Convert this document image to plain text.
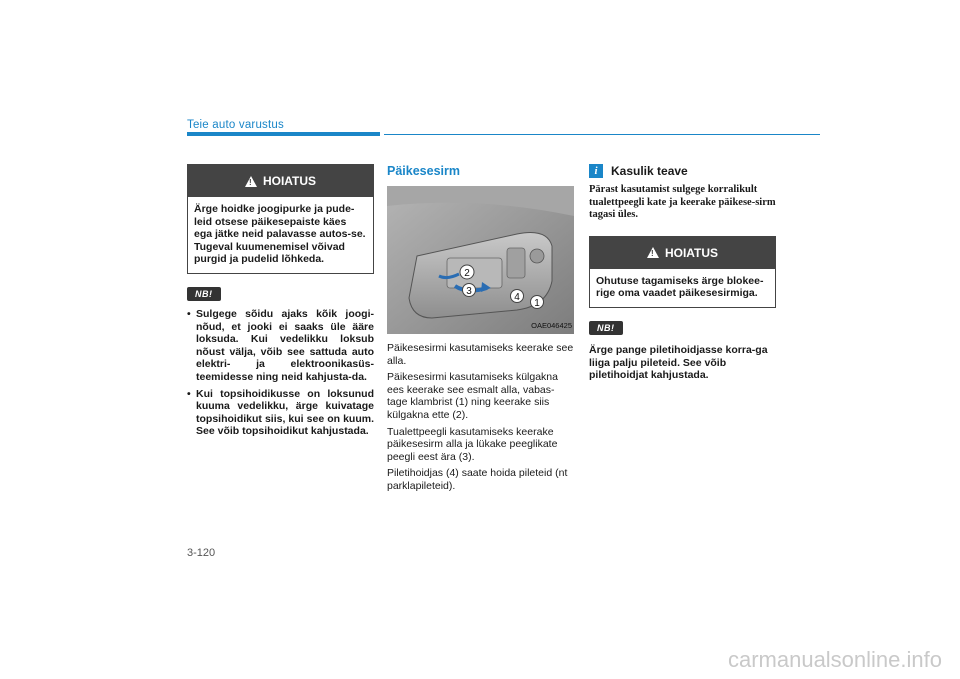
Teie auto varustus
!
HOIATUS
Ärge hoidke joogipurke ja pude-leid otsese päikesepaiste käes ega jätke neid palavasse autos-se. Tugeval kuumenemisel võivad purgid ja pudelid lõhkeda.
NB!
• Sulgege sõidu ajaks kõik joogi-nõud, et jooki ei saaks üle ääre loksuda. Kui vedelikku loksub nõust välja, võib see sattuda auto elektri- ja elektroonikasüs-teemidesse ning neid kahjusta-da.
• Kui topsihoidikusse on loksunud kuuma vedelikku, ärge kuivatage topsihoidikut siis, kui see on kuum. See võib topsihoidikut kahjustada.
Päikesesirm
2
3
4
1
OAE046425
Päikesesirmi kasutamiseks keerake see alla.
Päikesesirmi kasutamiseks külgakna ees keerake see esmalt alla, vabas-tage klambrist (1) ning keerake siis külgakna ette (2).
Tualettpeegli kasutamiseks keerake päikesesirm alla ja lükake peeglikate peegli eest ära (3).
Piletihoidjas (4) saate hoida pileteid (nt parklapileteid).
i	Kasulik teave
Pärast kasutamist sulgege korralikult tualettpeegli kate ja keerake päikese-sirm tagasi üles.
!
HOIATUS
Ohutuse tagamiseks ärge blokee-rige oma vaadet päikesesirmiga.
NB!
Ärge pange piletihoidjasse korra-ga liiga palju pileteid. See võib piletihoidjat kahjustada.
3-120
carmanualsonline.info
